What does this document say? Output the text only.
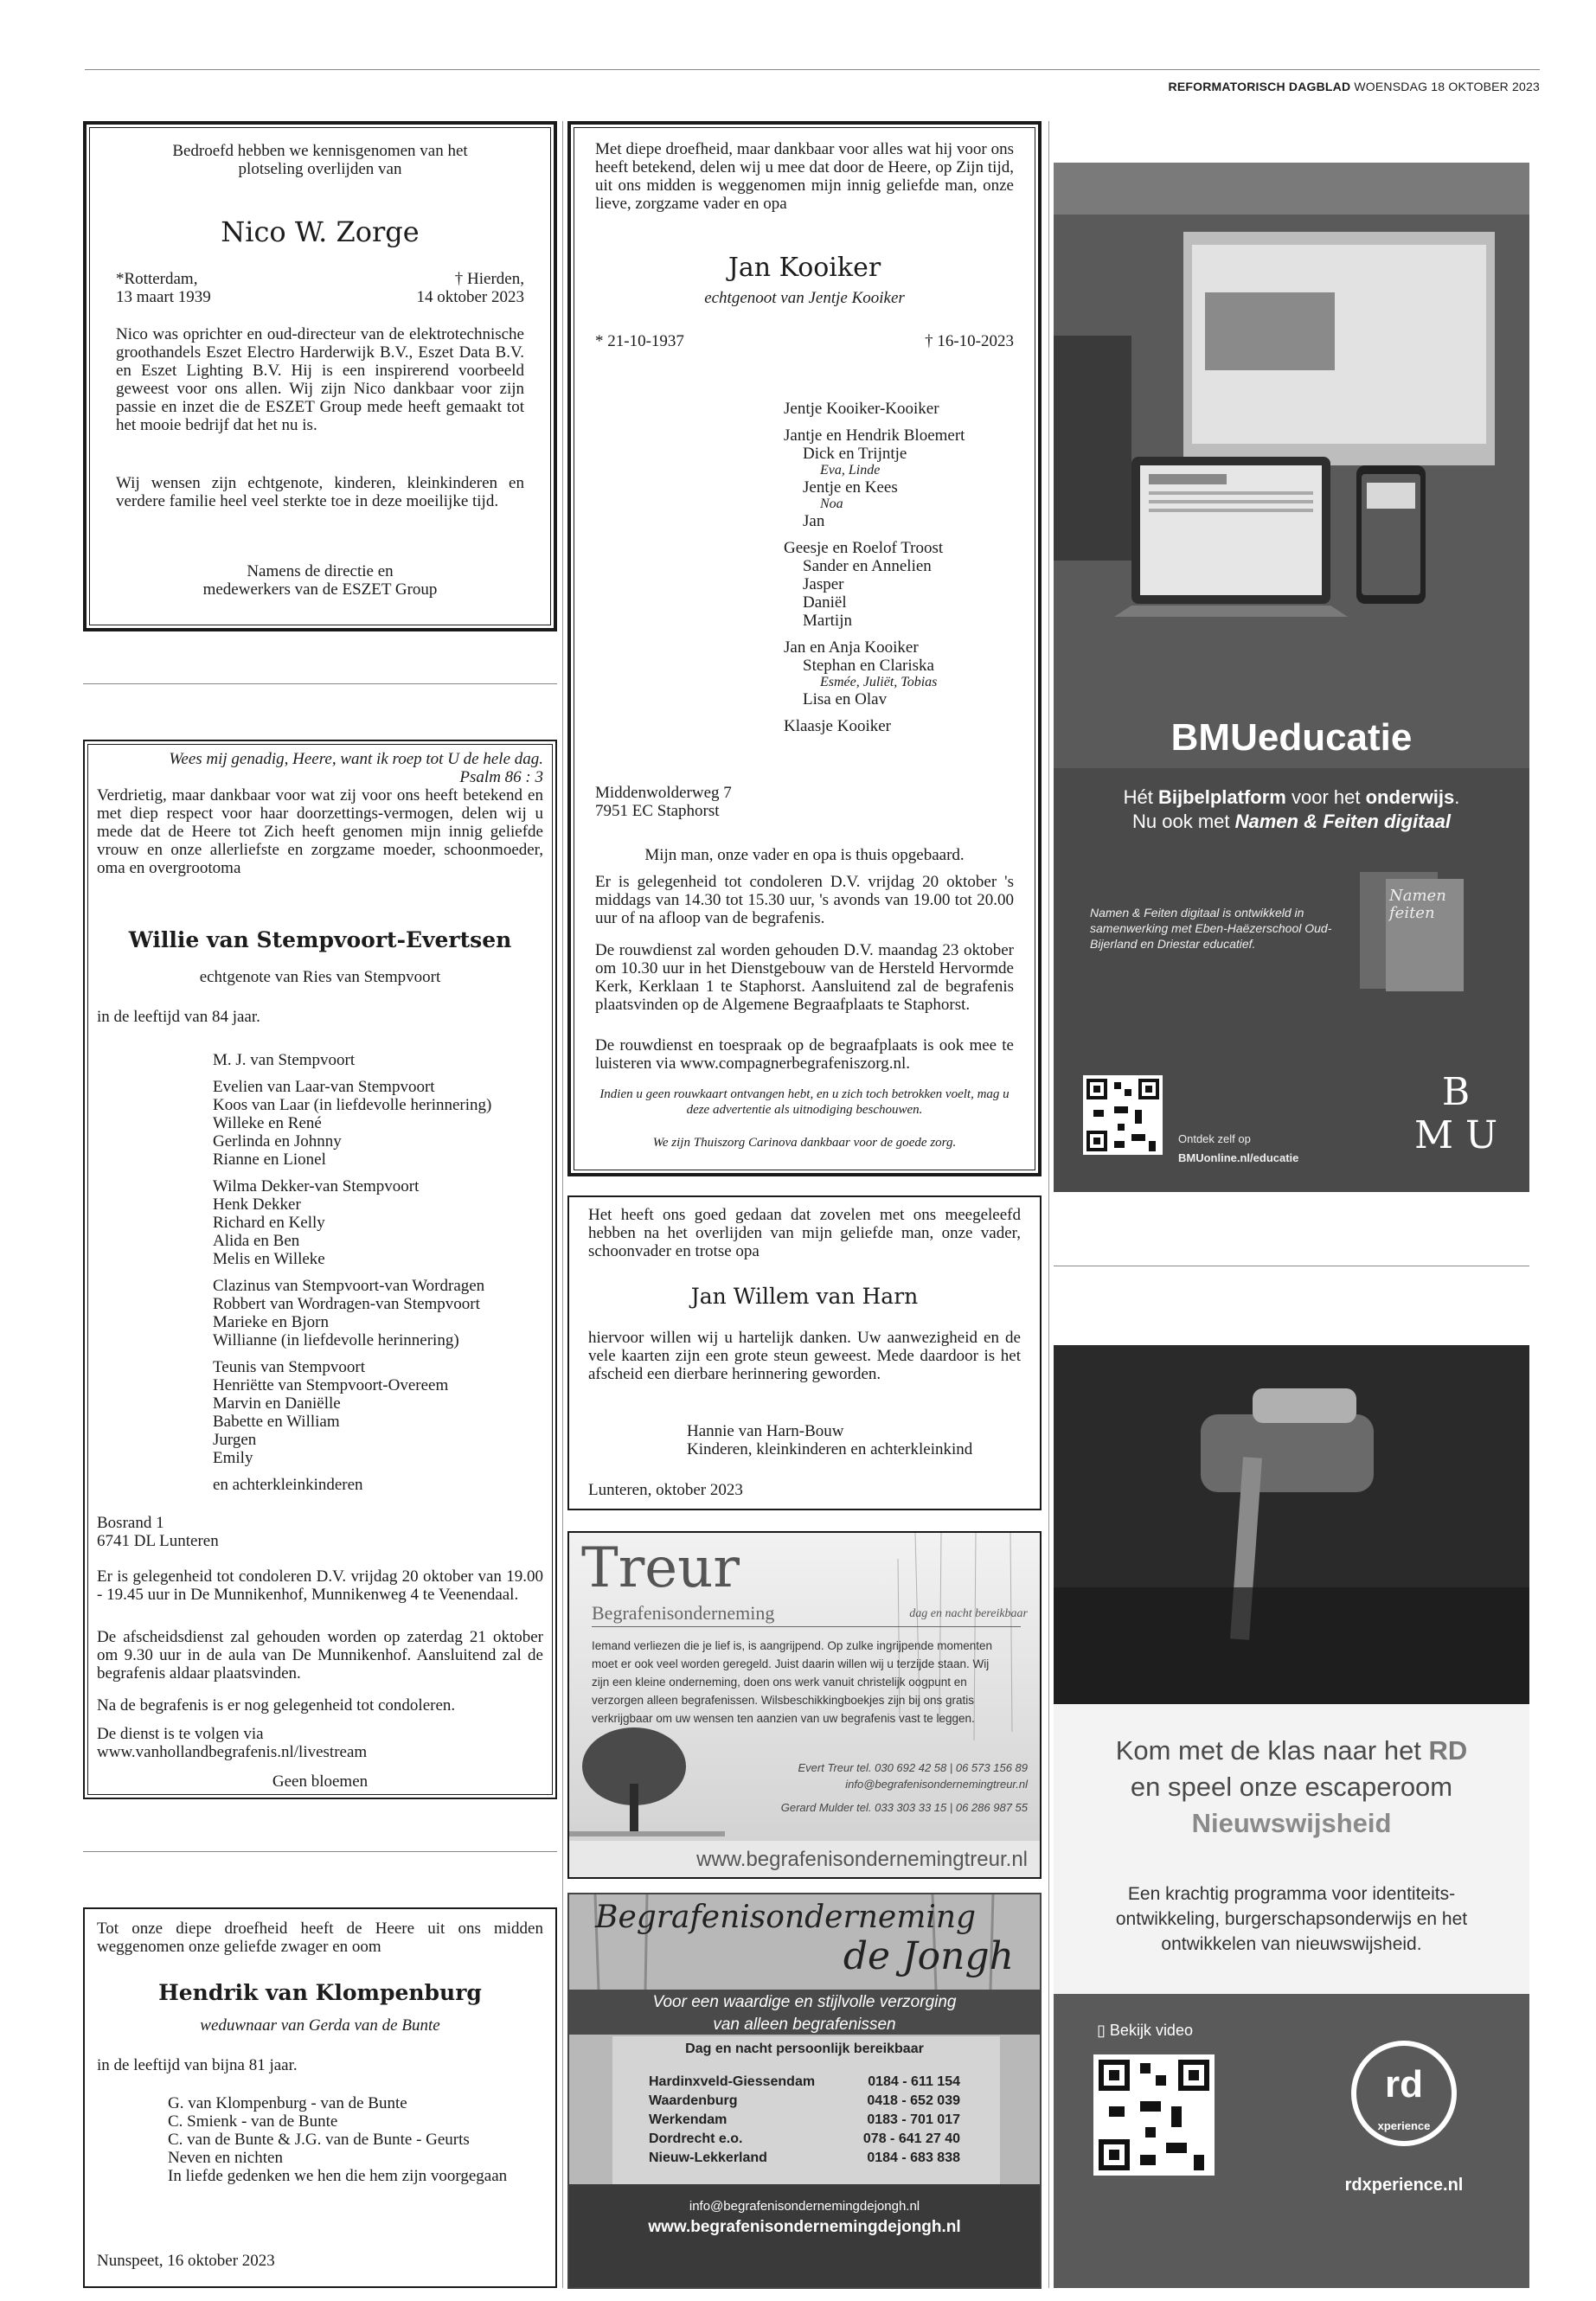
REFORMATORISCH DAGBLAD WOENSDAG 18 OKTOBER 2023
Bedroefd hebben we kennisgenomen van het plotseling overlijden van
Nico W. Zorge
*Rotterdam,
13 maart 1939
† Hierden,
14 oktober 2023
Nico was oprichter en oud-directeur van de elektrotechnische groothandels Eszet Electro Harderwijk B.V., Eszet Data B.V. en Eszet Lighting B.V. Hij is een inspirerend voorbeeld geweest voor ons allen. Wij zijn Nico dankbaar voor zijn passie en inzet die de ESZET Group mede heeft gemaakt tot het mooie bedrijf dat het nu is.
Wij wensen zijn echtgenote, kinderen, kleinkinderen en verdere familie heel veel sterkte toe in deze moeilijke tijd.
Namens de directie en
medewerkers van de ESZET Group
Wees mij genadig, Heere, want ik roep tot U de hele dag.
Psalm 86 : 3
Verdrietig, maar dankbaar voor wat zij voor ons heeft betekend en met diep respect voor haar doorzettings-vermogen, delen wij u mede dat de Heere tot Zich heeft genomen mijn innig geliefde vrouw en onze allerliefste en zorgzame moeder, schoonmoeder, oma en overgrootoma
Willie van Stempvoort-Evertsen
echtgenote van Ries van Stempvoort
in de leeftijd van 84 jaar.
M. J. van Stempvoort
Evelien van Laar-van Stempvoort
Koos van Laar (in liefdevolle herinnering)
Willeke en René
Gerlinda en Johnny
Rianne en Lionel
Wilma Dekker-van Stempvoort
Henk Dekker
Richard en Kelly
Alida en Ben
Melis en Willeke
Clazinus van Stempvoort-van Wordragen
Robbert van Wordragen-van Stempvoort
Marieke en Bjorn
Willianne (in liefdevolle herinnering)
Teunis van Stempvoort
Henriëtte van Stempvoort-Overeem
Marvin en Daniëlle
Babette en William
Jurgen
Emily
en achterkleinkinderen
Bosrand 1
6741 DL Lunteren
Er is gelegenheid tot condoleren D.V. vrijdag 20 oktober van 19.00 - 19.45 uur in De Munnikenhof, Munnikenweg 4 te Veenendaal.
De afscheidsdienst zal gehouden worden op zaterdag 21 oktober om 9.30 uur in de aula van De Munnikenhof. Aansluitend zal de begrafenis aldaar plaatsvinden.
Na de begrafenis is er nog gelegenheid tot condoleren.
De dienst is te volgen via
www.vanhollandbegrafenis.nl/livestream
Geen bloemen
Tot onze diepe droefheid heeft de Heere uit ons midden weggenomen onze geliefde zwager en oom
Hendrik van Klompenburg
weduwnaar van Gerda van de Bunte
in de leeftijd van bijna 81 jaar.
G. van Klompenburg - van de Bunte
C. Smienk - van de Bunte
C. van de Bunte & J.G. van de Bunte - Geurts
Neven en nichten
In liefde gedenken we hen die hem zijn voorgegaan
Nunspeet, 16 oktober 2023
Met diepe droefheid, maar dankbaar voor alles wat hij voor ons heeft betekend, delen wij u mee dat door de Heere, op Zijn tijd, uit ons midden is weggenomen mijn innig geliefde man, onze lieve, zorgzame vader en opa
Jan Kooiker
echtgenoot van Jentje Kooiker
* 21-10-1937	† 16-10-2023
Jentje Kooiker-Kooiker
Jantje en Hendrik Bloemert
Dick en Trijntje
Eva, Linde
Jentje en Kees
Noa
Jan
Geesje en Roelof Troost
Sander en Annelien
Jasper
Daniël
Martijn
Jan en Anja Kooiker
Stephan en Clariska
Esmée, Juliët, Tobias
Lisa en Olav
Klaasje Kooiker
Middenwolderweg 7
7951 EC Staphorst
Mijn man, onze vader en opa is thuis opgebaard.
Er is gelegenheid tot condoleren D.V. vrijdag 20 oktober 's middags van 14.30 tot 15.30 uur, 's avonds van 19.00 tot 20.00 uur of na afloop van de begrafenis.
De rouwdienst zal worden gehouden D.V. maandag 23 oktober om 10.30 uur in het Dienstgebouw van de Hersteld Hervormde Kerk, Kerklaan 1 te Staphorst. Aansluitend zal de begrafenis plaatsvinden op de Algemene Begraafplaats te Staphorst.
De rouwdienst en toespraak op de begraafplaats is ook mee te luisteren via www.compagnerbegrafeniszorg.nl.
Indien u geen rouwkaart ontvangen hebt, en u zich toch betrokken voelt, mag u deze advertentie als uitnodiging beschouwen.
We zijn Thuiszorg Carinova dankbaar voor de goede zorg.
Het heeft ons goed gedaan dat zovelen met ons meegeleefd hebben na het overlijden van mijn geliefde man, onze vader, schoonvader en trotse opa
Jan Willem van Harn
hiervoor willen wij u hartelijk danken. Uw aanwezigheid en de vele kaarten zijn een grote steun geweest. Mede daardoor is het afscheid een dierbare herinnering geworden.
Hannie van Harn-Bouw
Kinderen, kleinkinderen en achterkleinkind
Lunteren, oktober 2023
Treur
Begrafenisonderneming	dag en nacht bereikbaar
Iemand verliezen die je lief is, is aangrijpend. Op zulke ingrijpende momenten moet er ook veel worden geregeld. Juist daarin willen wij u terzijde staan. Wij zijn een kleine onderneming, doen ons werk vanuit christelijk oogpunt en verzorgen alleen begrafenissen. Wilsbeschikkingboekjes zijn bij ons gratis verkrijgbaar om uw wensen ten aanzien van uw begrafenis vast te leggen.
Evert Treur tel. 030 692 42 58 | 06 573 156 89
info@begrafenisondernemingtreur.nl
Gerard Mulder tel. 033 303 33 15 | 06 286 987 55
www.begrafenisondernemingtreur.nl
Begrafenisonderneming
de Jongh
Voor een waardige en stijlvolle verzorging
van alleen begrafenissen
Dag en nacht persoonlijk bereikbaar
Hardinxveld-Giessendam	0184 - 611 154
Waardenburg	0418 - 652 039
Werkendam	0183 - 701 017
Dordrecht e.o.	078 - 641 27 40
Nieuw-Lekkerland	0184 - 683 838
info@begrafenisondernemingdejongh.nl
www.begrafenisondernemingdejongh.nl
BMUeducatie
Hét Bijbelplatform voor het onderwijs.
Nu ook met Namen & Feiten digitaal
Namen & Feiten digitaal is ontwikkeld in samenwerking met Eben-Haëzerschool Oud-Bijerland en Driestar educatief.
Namen feiten
Ontdek zelf op
BMUonline.nl/educatie
B
M U
Kom met de klas naar het RD
en speel onze escaperoom
Nieuwswijsheid
Een krachtig programma voor identiteits-ontwikkeling, burgerschapsonderwijs en het ontwikkelen van nieuwswijsheid.
▯ Bekijk video
rd
xperience
rdxperience.nl
